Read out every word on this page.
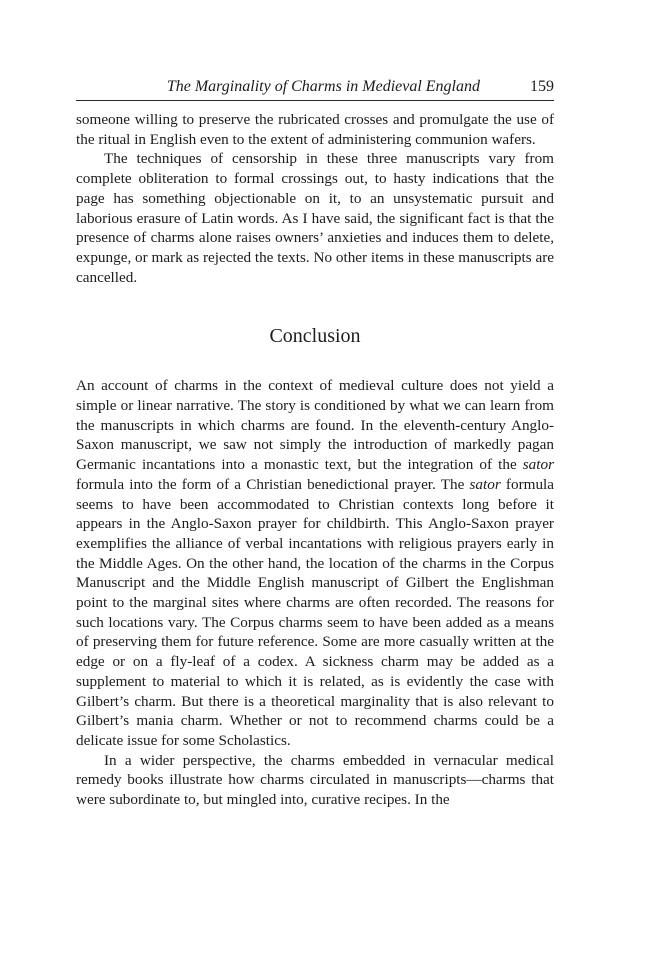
The Marginality of Charms in Medieval England	159

someone willing to preserve the rubricated crosses and promulgate the use of the ritual in English even to the extent of administering communion wafers.

The techniques of censorship in these three manuscripts vary from complete obliteration to formal crossings out, to hasty indications that the page has something objectionable on it, to an unsystematic pursuit and laborious erasure of Latin words. As I have said, the significant fact is that the presence of charms alone raises owners’ anxieties and induces them to delete, expunge, or mark as rejected the texts. No other items in these manuscripts are cancelled.

Conclusion

An account of charms in the context of medieval culture does not yield a simple or linear narrative. The story is conditioned by what we can learn from the manuscripts in which charms are found. In the eleventh-century Anglo-Saxon manuscript, we saw not simply the introduction of markedly pagan Germanic incantations into a monastic text, but the integration of the sator formula into the form of a Christian benedictional prayer. The sator formula seems to have been accommodated to Christian contexts long before it appears in the Anglo-Saxon prayer for childbirth. This Anglo-Saxon prayer exemplifies the alliance of verbal incantations with religious prayers early in the Middle Ages. On the other hand, the location of the charms in the Corpus Manuscript and the Middle English manuscript of Gilbert the Englishman point to the marginal sites where charms are often recorded. The reasons for such locations vary. The Corpus charms seem to have been added as a means of preserving them for future reference. Some are more casually written at the edge or on a fly-leaf of a codex. A sickness charm may be added as a supplement to material to which it is related, as is evidently the case with Gilbert’s charm. But there is a theoretical marginality that is also relevant to Gilbert’s mania charm. Whether or not to recommend charms could be a delicate issue for some Scholastics.

In a wider perspective, the charms embedded in vernacular medical remedy books illustrate how charms circulated in manuscripts—charms that were subordinate to, but mingled into, curative recipes. In the
